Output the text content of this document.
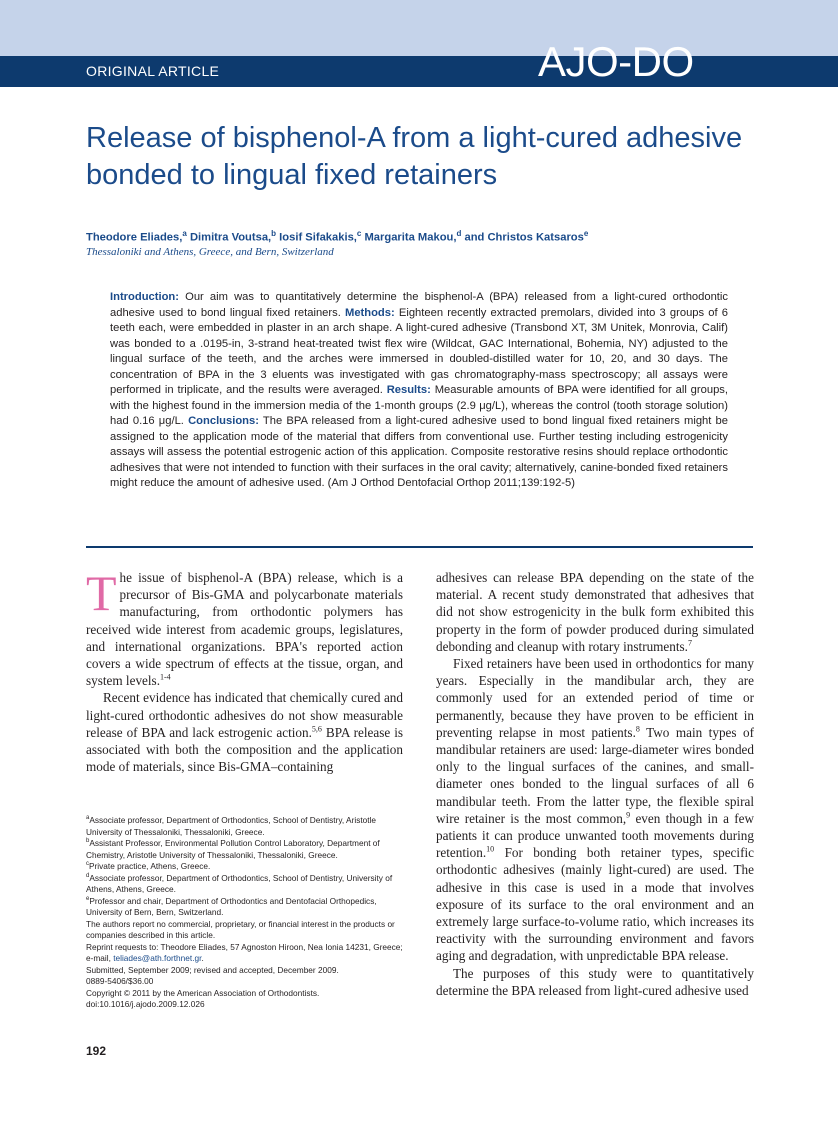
ORIGINAL ARTICLE	AJO-DO
Release of bisphenol-A from a light-cured adhesive bonded to lingual fixed retainers
Theodore Eliades,$^a$ Dimitra Voutsa,$^b$ Iosif Sifakakis,$^c$ Margarita Makou,$^d$ and Christos Katsaros$^e$
Thessaloniki and Athens, Greece, and Bern, Switzerland
Introduction: Our aim was to quantitatively determine the bisphenol-A (BPA) released from a light-cured orthodontic adhesive used to bond lingual fixed retainers. Methods: Eighteen recently extracted premolars, divided into 3 groups of 6 teeth each, were embedded in plaster in an arch shape. A light-cured adhesive (Transbond XT, 3M Unitek, Monrovia, Calif) was bonded to a .0195-in, 3-strand heat-treated twist flex wire (Wildcat, GAC International, Bohemia, NY) adjusted to the lingual surface of the teeth, and the arches were immersed in doubled-distilled water for 10, 20, and 30 days. The concentration of BPA in the 3 eluents was investigated with gas chromatography-mass spectroscopy; all assays were performed in triplicate, and the results were averaged. Results: Measurable amounts of BPA were identified for all groups, with the highest found in the immersion media of the 1-month groups (2.9 μg/L), whereas the control (tooth storage solution) had 0.16 μg/L. Conclusions: The BPA released from a light-cured adhesive used to bond lingual fixed retainers might be assigned to the application mode of the material that differs from conventional use. Further testing including estrogenicity assays will assess the potential estrogenic action of this application. Composite restorative resins should replace orthodontic adhesives that were not intended to function with their surfaces in the oral cavity; alternatively, canine-bonded fixed retainers might reduce the amount of adhesive used. (Am J Orthod Dentofacial Orthop 2011;139:192-5)

The issue of bisphenol-A (BPA) release, which is a precursor of Bis-GMA and polycarbonate materials manufacturing, from orthodontic polymers has received wide interest from academic groups, legislatures, and international organizations. BPA's reported action covers a wide spectrum of effects at the tissue, organ, and system levels.$^{1-4}$

Recent evidence has indicated that chemically cured and light-cured orthodontic adhesives do not show measurable release of BPA and lack estrogenic action.$^{5,6}$ BPA release is associated with both the composition and the application mode of materials, since Bis-GMA–containing

adhesives can release BPA depending on the state of the material. A recent study demonstrated that adhesives that did not show estrogenicity in the bulk form exhibited this property in the form of powder produced during simulated debonding and cleanup with rotary instruments.$^7$

Fixed retainers have been used in orthodontics for many years. Especially in the mandibular arch, they are commonly used for an extended period of time or permanently, because they have proven to be efficient in preventing relapse in most patients.$^8$ Two main types of mandibular retainers are used: large-diameter wires bonded only to the lingual surfaces of the canines, and small-diameter ones bonded to the lingual surfaces of all 6 mandibular teeth. From the latter type, the flexible spiral wire retainer is the most common,$^9$ even though in a few patients it can produce unwanted tooth movements during retention.$^{10}$ For bonding both retainer types, specific orthodontic adhesives (mainly light-cured) are used. The adhesive in this case is used in a mode that involves exposure of its surface to the oral environment and an extremely large surface-to-volume ratio, which increases its reactivity with the surrounding environment and favors aging and degradation, with unpredictable BPA release.

The purposes of this study were to quantitatively determine the BPA released from light-cured adhesive used

$^a$Associate professor, Department of Orthodontics, School of Dentistry, Aristotle University of Thessaloniki, Thessaloniki, Greece.
$^b$Assistant Professor, Environmental Pollution Control Laboratory, Department of Chemistry, Aristotle University of Thessaloniki, Thessaloniki, Greece.
$^c$Private practice, Athens, Greece.
$^d$Associate professor, Department of Orthodontics, School of Dentistry, University of Athens, Athens, Greece.
$^e$Professor and chair, Department of Orthodontics and Dentofacial Orthopedics, University of Bern, Bern, Switzerland.
The authors report no commercial, proprietary, or financial interest in the products or companies described in this article.
Reprint requests to: Theodore Eliades, 57 Agnoston Hiroon, Nea Ionia 14231, Greece; e-mail, teliades@ath.forthnet.gr.
Submitted, September 2009; revised and accepted, December 2009.
0889-5406/$36.00
Copyright © 2011 by the American Association of Orthodontists.
doi:10.1016/j.ajodo.2009.12.026
192
